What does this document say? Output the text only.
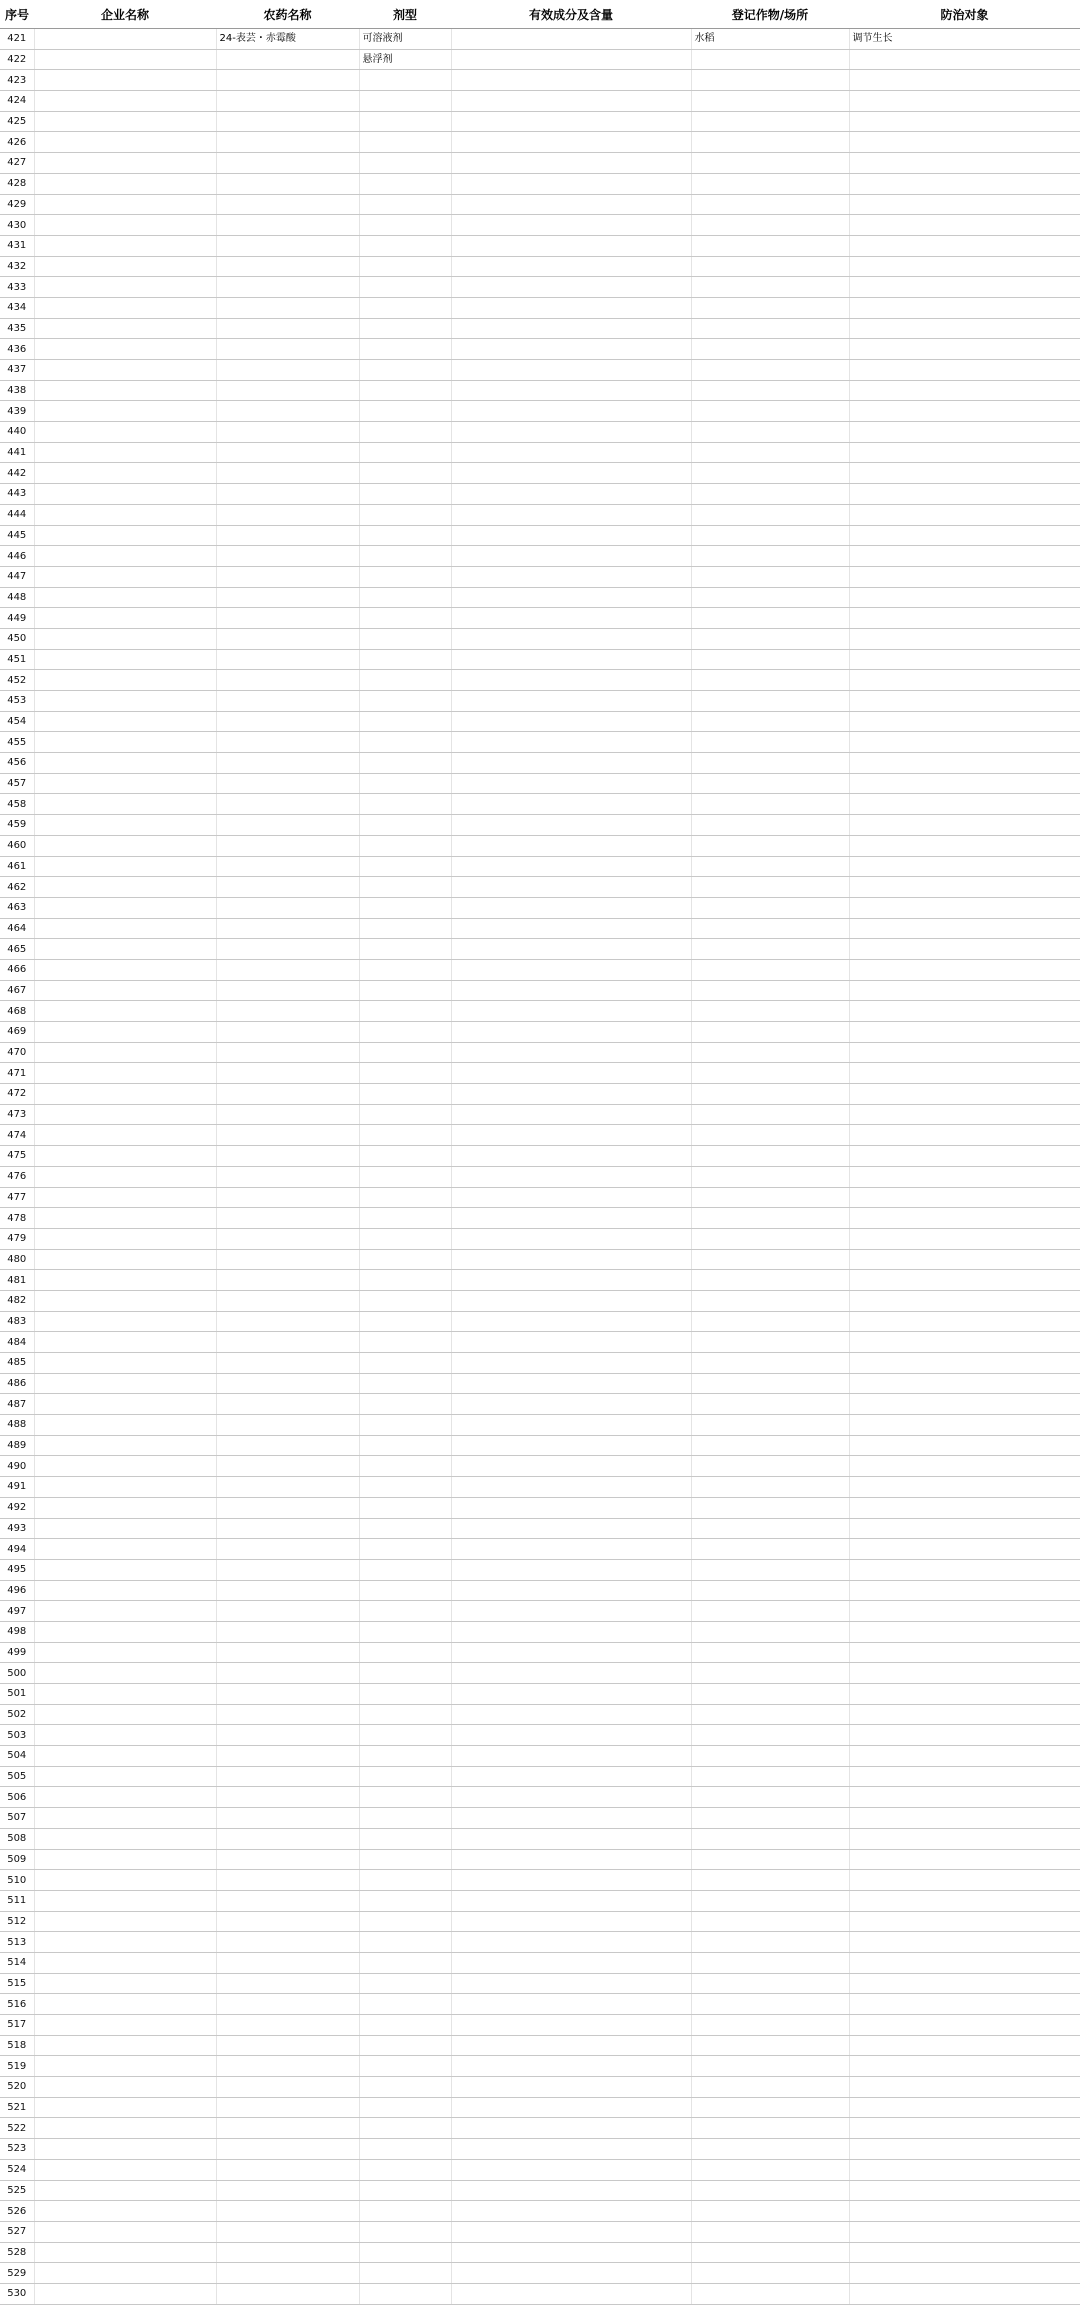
序号	企业名称	农药名称	剂型	有效成分及含量	登记作物/场所	防治对象
421		24-表芸・赤霉酸	可溶液剂		水稻	调节生长
422			悬浮剂			
423						
424						
425						
426						
427						
428						
429						
430						
431						
432						
433						
434						
435						
436						
437						
438						
439						
440						
441						
442						
443						
444						
445						
446						
447						
448						
449						
450						
451						
452						
453						
454						
455						
456						
457						
458						
459						
460						
461						
462						
463						
464						
465						
466						
467						
468						
469						
470						
471						
472						
473						
474						
475						
476						
477						
478						
479						
480						
481						
482						
483						
484						
485						
486						
487						
488						
489						
490						
491						
492						
493						
494						
495						
496						
497						
498						
499						
500						
501						
502						
503						
504						
505						
506						
507						
508						
509						
510						
511						
512						
513						
514						
515						
516						
517						
518						
519						
520						
521						
522						
523						
524						
525						
526						
527						
528						
529						
530						
